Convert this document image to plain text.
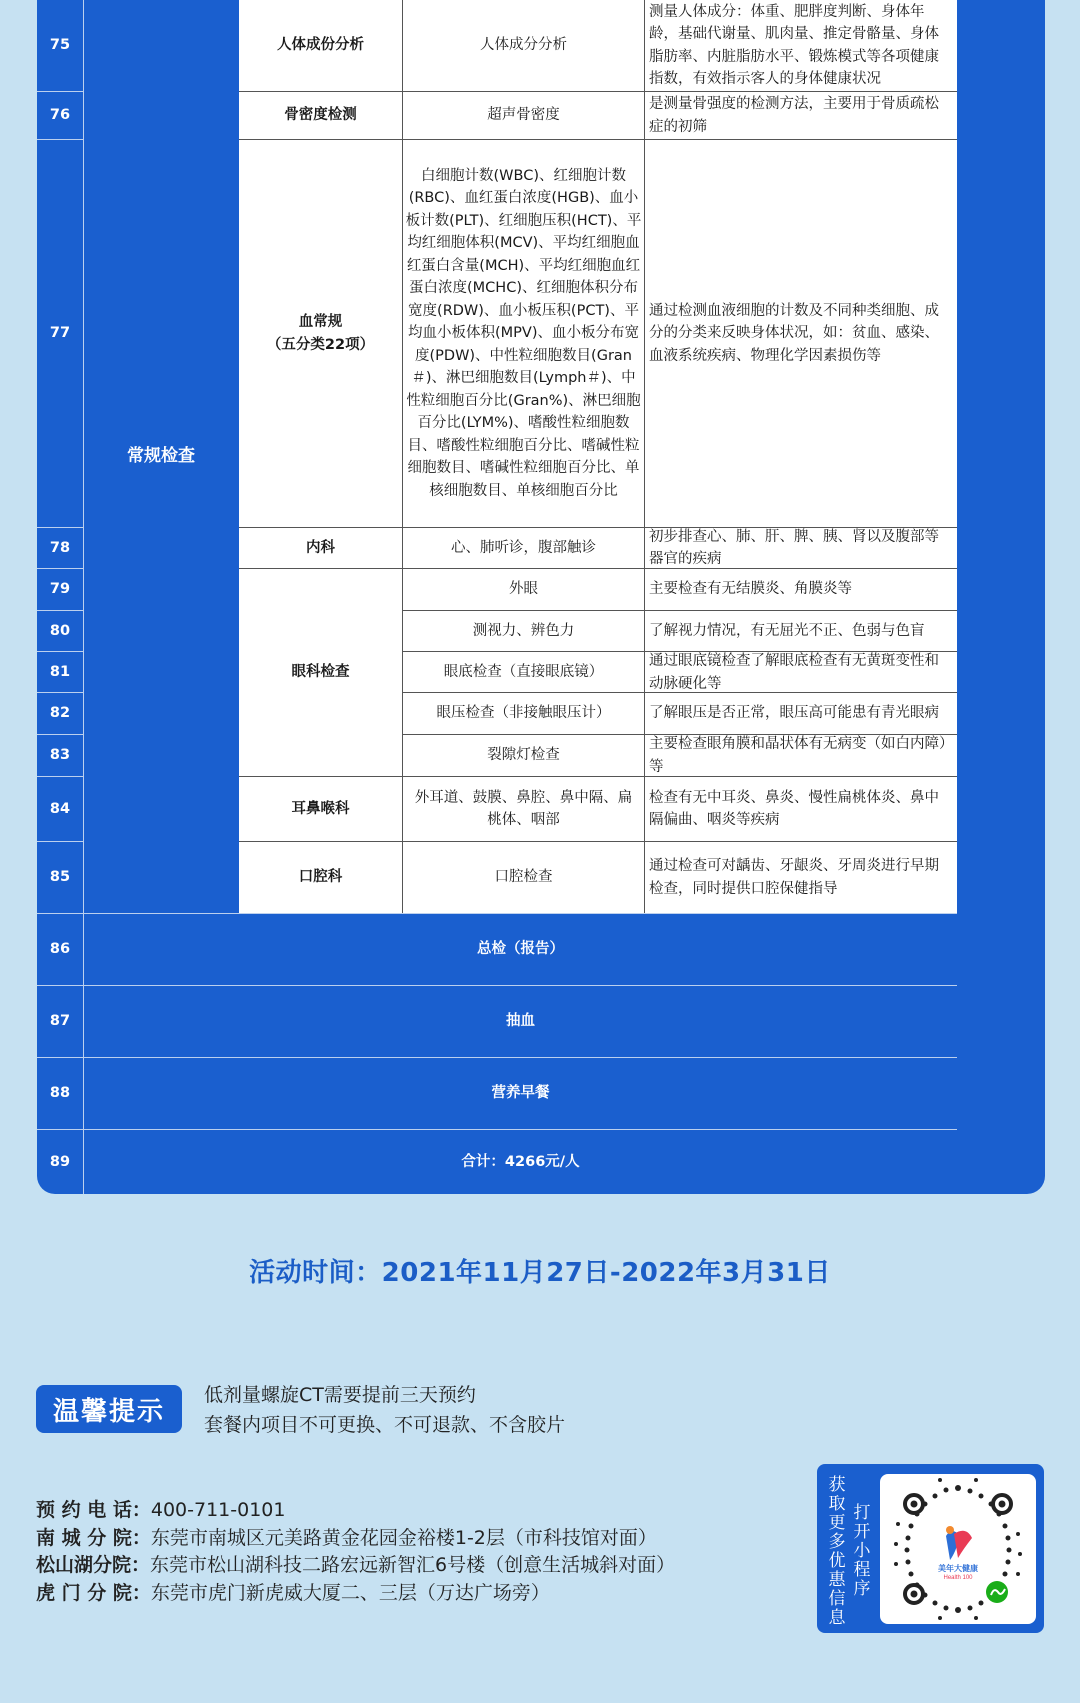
75
76
77
78
79
80
81
82
83
84
85
86
87
88
89
常规检查
人体成份分析
骨密度检测
血常规
（五分类22项）
内科
眼科检查
耳鼻喉科
口腔科
人体成分分析
超声骨密度
白细胞计数(WBC)、红细胞计数(RBC)、血红蛋白浓度(HGB)、血小板计数(PLT)、红细胞压积(HCT)、平均红细胞体积(MCV)、平均红细胞血红蛋白含量(MCH)、平均红细胞血红蛋白浓度(MCHC)、红细胞体积分布宽度(RDW)、血小板压积(PCT)、平均血小板体积(MPV)、血小板分布宽度(PDW)、中性粒细胞数目(Gran＃)、淋巴细胞数目(Lymph＃)、中性粒细胞百分比(Gran%)、淋巴细胞百分比(LYM%)、嗜酸性粒细胞数目、嗜酸性粒细胞百分比、嗜碱性粒细胞数目、嗜碱性粒细胞百分比、单核细胞数目、单核细胞百分比
心、肺听诊，腹部触诊
外眼
测视力、辨色力
眼底检查（直接眼底镜）
眼压检查（非接触眼压计）
裂隙灯检查
外耳道、鼓膜、鼻腔、鼻中隔、扁桃体、咽部
口腔检查
测量人体成分：体重、肥胖度判断、身体年龄，基础代谢量、肌肉量、推定骨骼量、身体脂肪率、内脏脂肪水平、锻炼模式等各项健康指数，有效指示客人的身体健康状况
是测量骨强度的检测方法，主要用于骨质疏松症的初筛
通过检测血液细胞的计数及不同种类细胞、成分的分类来反映身体状况，如：贫血、感染、血液系统疾病、物理化学因素损伤等
初步排查心、肺、肝、脾、胰、肾以及腹部等器官的疾病
主要检查有无结膜炎、角膜炎等
了解视力情况，有无屈光不正、色弱与色盲
通过眼底镜检查了解眼底检查有无黄斑变性和动脉硬化等
了解眼压是否正常，眼压高可能患有青光眼病
主要检查眼角膜和晶状体有无病变（如白内障）等
检查有无中耳炎、鼻炎、慢性扁桃体炎、鼻中隔偏曲、咽炎等疾病
通过检查可对龋齿、牙龈炎、牙周炎进行早期检查，同时提供口腔保健指导
总检（报告）
抽血
营养早餐
合计：4266元/人
活动时间：2021年11月27日-2022年3月31日
温馨提示
低剂量螺旋CT需要提前三天预约
套餐内项目不可更换、不可退款、不含胶片
预 约 电 话： 400-711-0101
南 城 分 院： 东莞市南城区元美路黄金花园金裕楼1-2层（市科技馆对面）
松山湖分院： 东莞市松山湖科技二路宏远新智汇6号楼（创意生活城斜对面）
虎 门 分 院： 东莞市虎门新虎威大厦二、三层（万达广场旁）
获取更多优惠信息
打开小程序
美年大健康
Health 100
